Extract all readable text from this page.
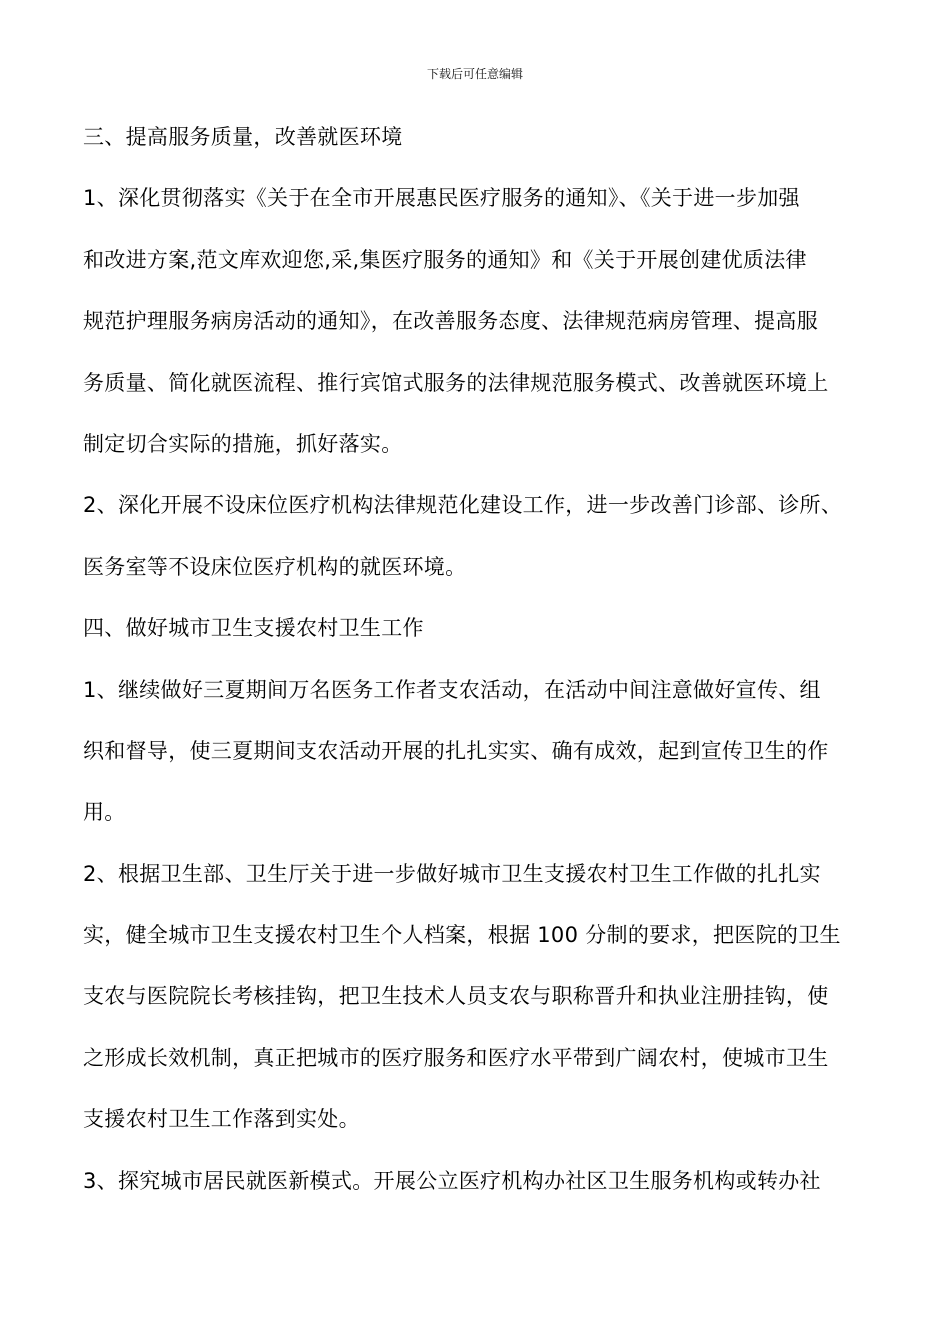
下载后可任意编辑
三、提高服务质量，改善就医环境
1、深化贯彻落实《关于在全市开展惠民医疗服务的通知》、《关于进一步加强
和改进方案,范文库欢迎您,采,集医疗服务的通知》和《关于开展创建优质法律
规范护理服务病房活动的通知》，在改善服务态度、法律规范病房管理、提高服
务质量、简化就医流程、推行宾馆式服务的法律规范服务模式、改善就医环境上
制定切合实际的措施，抓好落实。
2、深化开展不设床位医疗机构法律规范化建设工作，进一步改善门诊部、诊所、
医务室等不设床位医疗机构的就医环境。
四、做好城市卫生支援农村卫生工作
1、继续做好三夏期间万名医务工作者支农活动，在活动中间注意做好宣传、组
织和督导，使三夏期间支农活动开展的扎扎实实、确有成效，起到宣传卫生的作
用。
2、根据卫生部、卫生厅关于进一步做好城市卫生支援农村卫生工作做的扎扎实
实，健全城市卫生支援农村卫生个人档案，根据 100 分制的要求，把医院的卫生
支农与医院院长考核挂钩，把卫生技术人员支农与职称晋升和执业注册挂钩，使
之形成长效机制，真正把城市的医疗服务和医疗水平带到广阔农村，使城市卫生
支援农村卫生工作落到实处。
3、探究城市居民就医新模式。开展公立医疗机构办社区卫生服务机构或转办社
